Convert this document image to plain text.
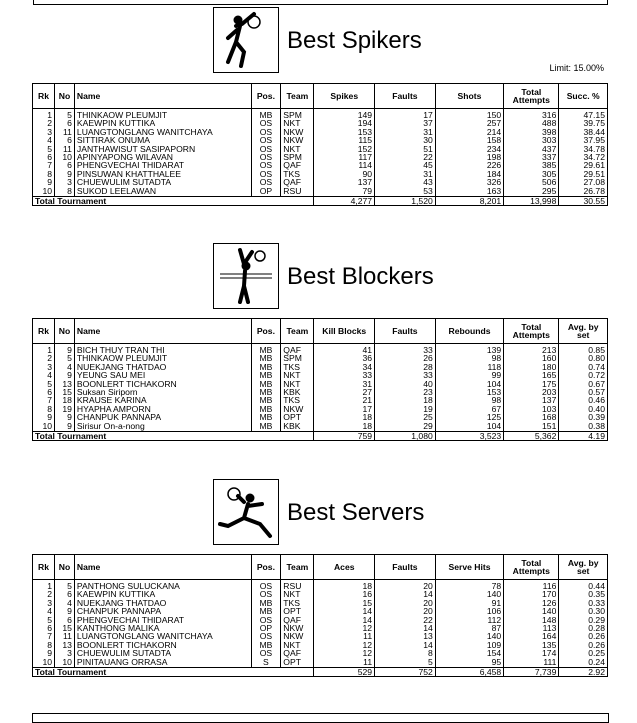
Best Spikers
Limit: 15.00%
Rk	No	Name	Pos.	Team	Spikes	Faults	Shots	Total Attempts	Succ. %
1	5	THINKAOW PLEUMJIT	MB	SPM	149	17	150	316	47.15
2	6	KAEWPIN KUTTIKA	OS	NKT	194	37	257	488	39.75
3	11	LUANGTONGLANG WANITCHAYA	OS	NKW	153	31	214	398	38.44
4	6	SITTIRAK ONUMA	OS	NKW	115	30	158	303	37.95
5	11	JANTHAWISUT SASIPAPORN	OS	NKT	152	51	234	437	34.78
6	10	APINYAPONG WILAVAN	OS	SPM	117	22	198	337	34.72
7	6	PHENGVECHAI THIDARAT	OS	QAF	114	45	226	385	29.61
8	9	PINSUWAN KHATTHALEE	OS	TKS	90	31	184	305	29.51
9	3	CHUEWULIM SUTADTA	OS	QAF	137	43	326	506	27.08
10	8	SUKOD LEELAWAN	OP	RSU	79	53	163	295	26.78
Total Tournament					4,277	1,520	8,201	13,998	30.55
Best Blockers
Rk	No	Name	Pos.	Team	Kill Blocks	Faults	Rebounds	Total Attempts	Avg. by set
1	9	BICH THUY TRAN THI	MB	QAF	41	33	139	213	0.85
2	5	THINKAOW PLEUMJIT	MB	SPM	36	26	98	160	0.80
3	4	NUEKJANG THATDAO	MB	TKS	34	28	118	180	0.74
4	9	YEUNG SAU MEI	MB	NKT	33	33	99	165	0.72
5	13	BOONLERT TICHAKORN	MB	NKT	31	40	104	175	0.67
6	15	Suksan Siriporn	MB	KBK	27	23	153	203	0.57
7	18	KRAUSE KARINA	MB	TKS	21	18	98	137	0.46
8	19	HYAPHA AMPORN	MB	NKW	17	19	67	103	0.40
9	9	CHANPUK PANNAPA	MB	OPT	18	25	125	168	0.39
10	9	Sirisur On-a-nong	MB	KBK	18	29	104	151	0.38
Total Tournament					759	1,080	3,523	5,362	4.19
Best Servers
Rk	No	Name	Pos.	Team	Aces	Faults	Serve Hits	Total Attempts	Avg. by set
1	5	PANTHONG SULUCKANA	OS	RSU	18	20	78	116	0.44
2	6	KAEWPIN KUTTIKA	OS	NKT	16	14	140	170	0.35
3	4	NUEKJANG THATDAO	MB	TKS	15	20	91	126	0.33
4	9	CHANPUK PANNAPA	MB	OPT	14	20	106	140	0.30
5	6	PHENGVECHAI THIDARAT	OS	QAF	14	22	112	148	0.29
6	15	KANTHONG MALIKA	OP	NKW	12	14	87	113	0.28
7	11	LUANGTONGLANG WANITCHAYA	OS	NKW	11	13	140	164	0.26
8	13	BOONLERT TICHAKORN	MB	NKT	12	14	109	135	0.26
9	3	CHUEWULIM SUTADTA	OS	QAF	12	8	154	174	0.25
10	10	PINITAUANG ORRASA	S	OPT	11	5	95	111	0.24
Total Tournament					529	752	6,458	7,739	2.92
